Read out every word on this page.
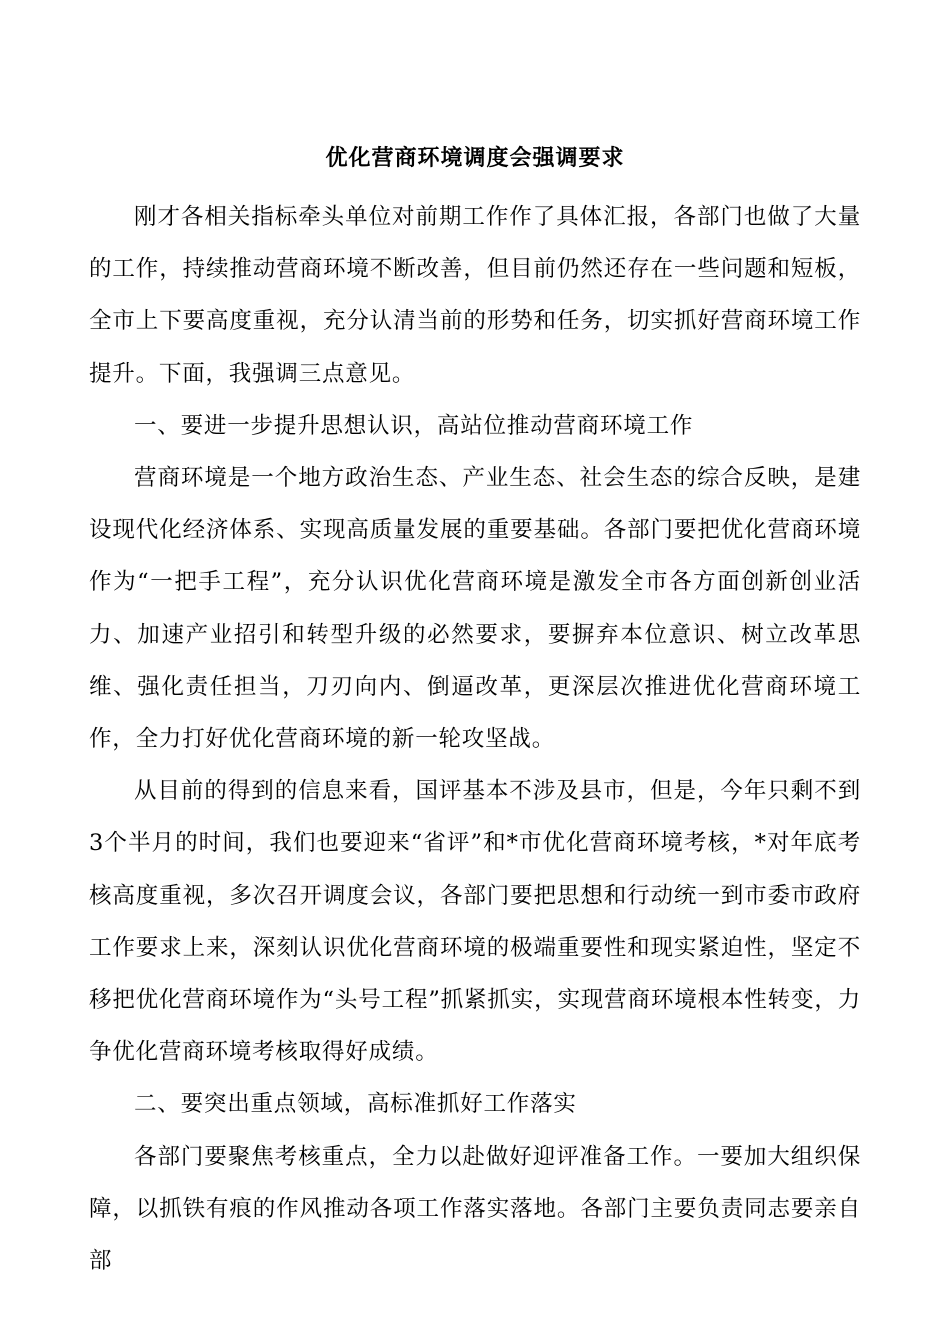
优化营商环境调度会强调要求

刚才各相关指标牵头单位对前期工作作了具体汇报，各部门也做了大量的工作，持续推动营商环境不断改善，但目前仍然还存在一些问题和短板，全市上下要高度重视，充分认清当前的形势和任务，切实抓好营商环境工作提升。下面，我强调三点意见。

一、要进一步提升思想认识，高站位推动营商环境工作

营商环境是一个地方政治生态、产业生态、社会生态的综合反映，是建设现代化经济体系、实现高质量发展的重要基础。各部门要把优化营商环境作为“一把手工程”，充分认识优化营商环境是激发全市各方面创新创业活力、加速产业招引和转型升级的必然要求，要摒弃本位意识、树立改革思维、强化责任担当，刀刃向内、倒逼改革，更深层次推进优化营商环境工作，全力打好优化营商环境的新一轮攻坚战。

从目前的得到的信息来看，国评基本不涉及县市，但是，今年只剩不到3个半月的时间，我们也要迎来“省评”和*市优化营商环境考核，*对年底考核高度重视，多次召开调度会议，各部门要把思想和行动统一到市委市政府工作要求上来，深刻认识优化营商环境的极端重要性和现实紧迫性，坚定不移把优化营商环境作为“头号工程”抓紧抓实，实现营商环境根本性转变，力争优化营商环境考核取得好成绩。

二、要突出重点领域，高标准抓好工作落实

各部门要聚焦考核重点，全力以赴做好迎评准备工作。一要加大组织保障，以抓铁有痕的作风推动各项工作落实落地。各部门主要负责同志要亲自部
